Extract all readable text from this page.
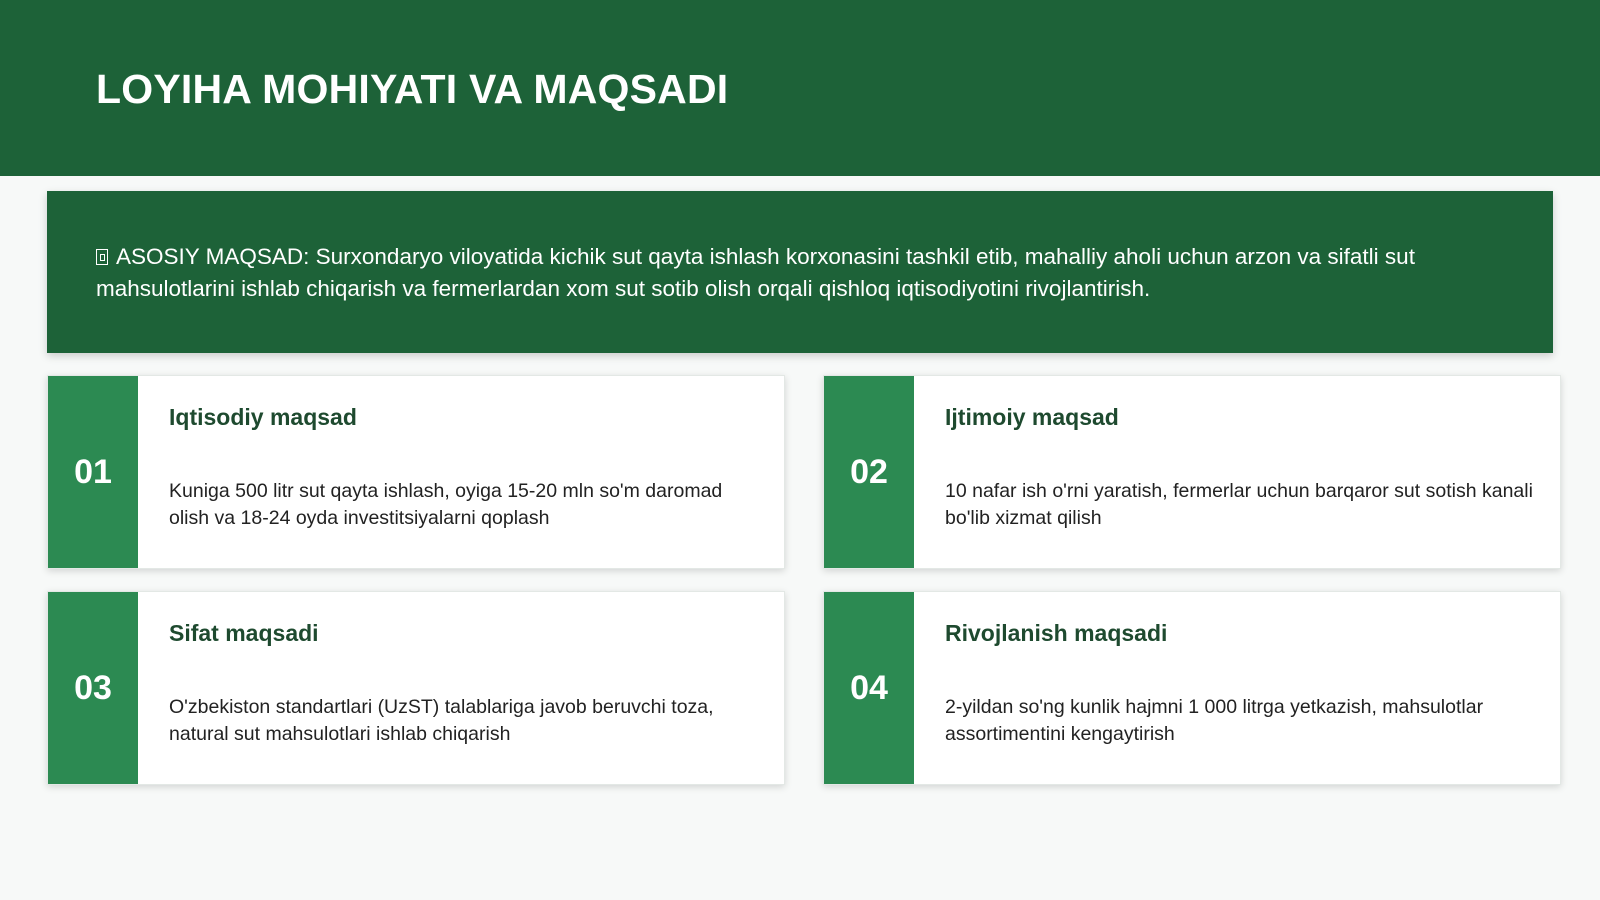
LOYIHA MOHIYATI VA MAQSADI

ASOSIY MAQSAD: Surxondaryo viloyatida kichik sut qayta ishlash korxonasini tashkil etib, mahalliy aholi uchun arzon va sifatli sut mahsulotlarini ishlab chiqarish va fermerlardan xom sut sotib olish orqali qishloq iqtisodiyotini rivojlantirish.

01
Iqtisodiy maqsad
Kuniga 500 litr sut qayta ishlash, oyiga 15-20 mln so'm daromad olish va 18-24 oyda investitsiyalarni qoplash
02
Ijtimoiy maqsad
10 nafar ish o'rni yaratish, fermerlar uchun barqaror sut sotish kanali bo'lib xizmat qilish
03
Sifat maqsadi
O'zbekiston standartlari (UzST) talablariga javob beruvchi toza, natural sut mahsulotlari ishlab chiqarish
04
Rivojlanish maqsadi
2-yildan so'ng kunlik hajmni 1 000 litrga yetkazish, mahsulotlar assortimentini kengaytirish
